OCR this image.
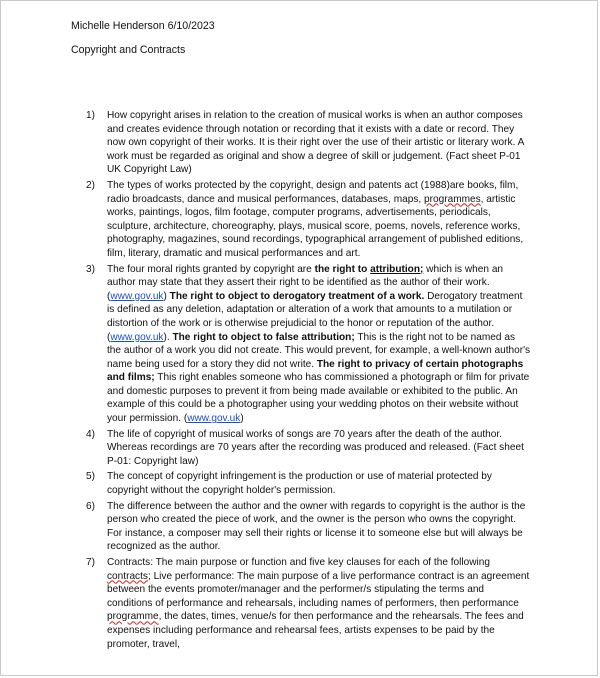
Michelle Henderson 6/10/2023
Copyright and Contracts
1) How copyright arises in relation to the creation of musical works is when an author composes and creates evidence through notation or recording that it exists with a date or record. They now own copyright of their works. It is their right over the use of their artistic or literary work. A work must be regarded as original and show a degree of skill or judgement. (Fact sheet P-01 UK Copyright Law)
2) The types of works protected by the copyright, design and patents act (1988)are books, film, radio broadcasts, dance and musical performances, databases, maps, programmes, artistic works, paintings, logos, film footage, computer programs, advertisements, periodicals, sculpture, architecture, choreography, plays, musical score, poems, novels, reference works, photography, magazines, sound recordings, typographical arrangement of published editions, film, literary, dramatic and musical performances and art.
3) The four moral rights granted by copyright are the right to attribution; which is when an author may state that they assert their right to be identified as the author of their work. (www.gov.uk) The right to object to derogatory treatment of a work. Derogatory treatment is defined as any deletion, adaptation or alteration of a work that amounts to a mutilation or distortion of the work or is otherwise prejudicial to the honor or reputation of the author. (www.gov.uk). The right to object to false attribution; This is the right not to be named as the author of a work you did not create. This would prevent, for example, a well-known author's name being used for a story they did not write. The right to privacy of certain photographs and films; This right enables someone who has commissioned a photograph or film for private and domestic purposes to prevent it from being made available or exhibited to the public. An example of this could be a photographer using your wedding photos on their website without your permission. (www.gov.uk)
4) The life of copyright of musical works of songs are 70 years after the death of the author. Whereas recordings are 70 years after the recording was produced and released. (Fact sheet P-01: Copyright law)
5) The concept of copyright infringement is the production or use of material protected by copyright without the copyright holder's permission.
6) The difference between the author and the owner with regards to copyright is the author is the person who created the piece of work, and the owner is the person who owns the copyright. For instance, a composer may sell their rights or license it to someone else but will always be recognized as the author.
7) Contracts: The main purpose or function and five key clauses for each of the following contracts; Live performance: The main purpose of a live performance contract is an agreement between the events promoter/manager and the performer/s stipulating the terms and conditions of performance and rehearsals, including names of performers, then performance programme, the dates, times, venue/s for then performance and the rehearsals. The fees and expenses including performance and rehearsal fees, artists expenses to be paid by the promoter, travel,
